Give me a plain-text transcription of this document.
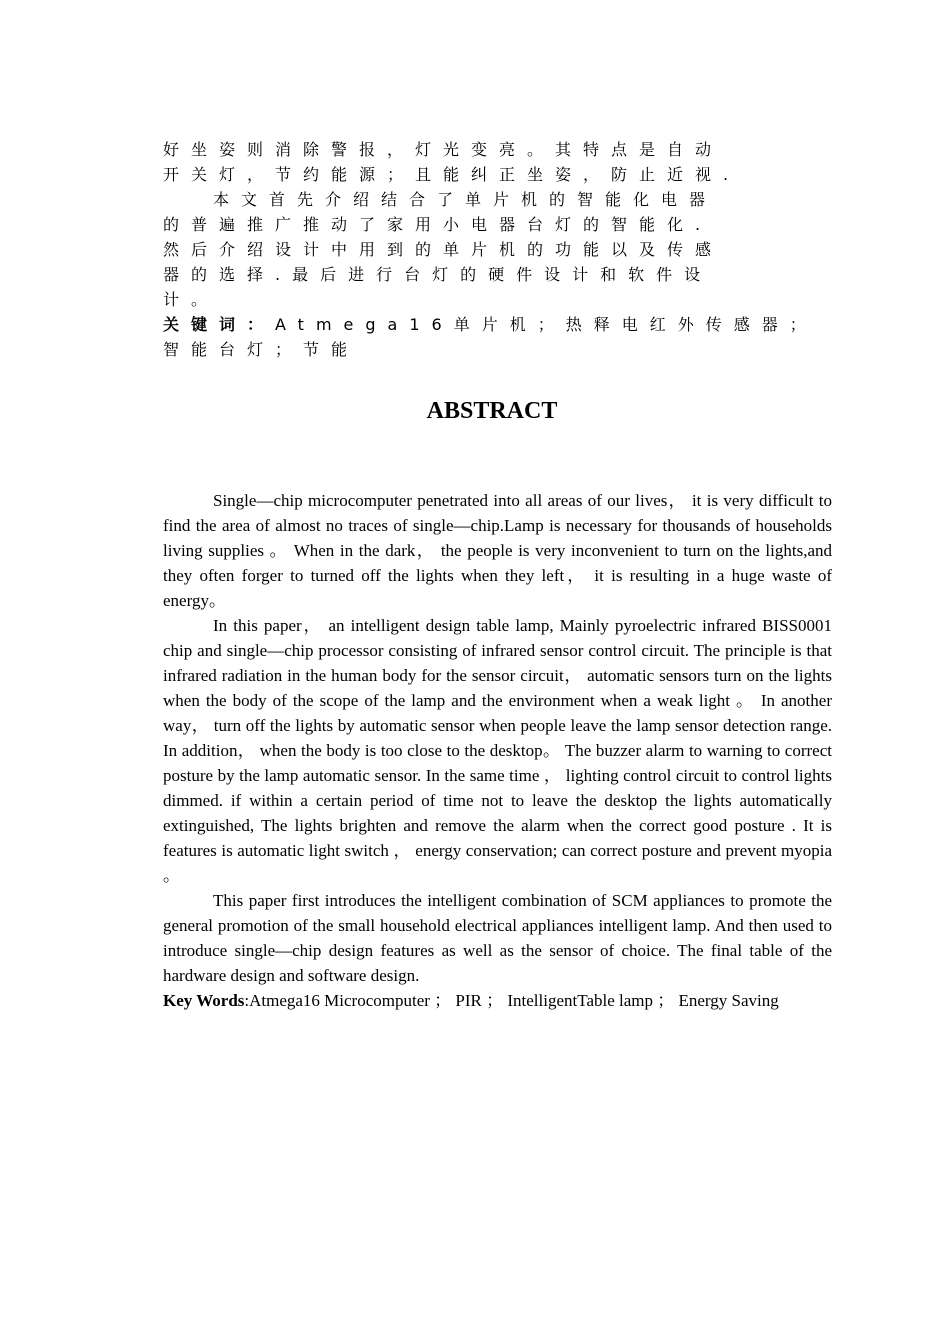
好坐姿则消除警报，灯光变亮。其特点是自动
开关灯，节约能源；且能纠正坐姿，防止近视.
本文首先介绍结合了单片机的智能化电器
的普遍推广推动了家用小电器台灯的智能化.
然后介绍设计中用到的单片机的功能以及传感
器的选择.最后进行台灯的硬件设计和软件设
计。
关键词：Atmega16单片机；热释电红外传感器；
智能台灯；节能
ABSTRACT

Single—chip microcomputer penetrated into all areas of our lives， it is very difficult to find the area of almost no traces of single—chip.Lamp is necessary for thousands of households living supplies 。 When in the dark， the people is very inconvenient to turn on the lights,and they often forger to turned off the lights when they left， it is resulting in a huge waste of energy。

In this paper， an intelligent design table lamp, Mainly pyroelectric infrared BISS0001 chip and single—chip processor consisting of infrared sensor control circuit. The principle is that infrared radiation in the human body for the sensor circuit， automatic sensors turn on the lights when the body of the scope of the lamp and the environment when a weak light 。 In another way， turn off the lights by automatic sensor when people leave the lamp sensor detection range. In addition， when the body is too close to the desktop。 The buzzer alarm to warning to correct posture by the lamp automatic sensor. In the same time ， lighting control circuit to control lights dimmed. if within a certain period of time not to leave the desktop the lights automatically extinguished, The lights brighten and remove the alarm when the correct good posture . It is features is automatic light switch ， energy conservation; can correct posture and prevent myopia 。

This paper first introduces the intelligent combination of SCM appliances to promote the general promotion of the small household electrical appliances intelligent lamp. And then used to introduce single—chip design features as well as the sensor of choice. The final table of the hardware design and software design.

Key Words:Atmega16 Microcomputer ； PIR ； IntelligentTable lamp ； Energy Saving
